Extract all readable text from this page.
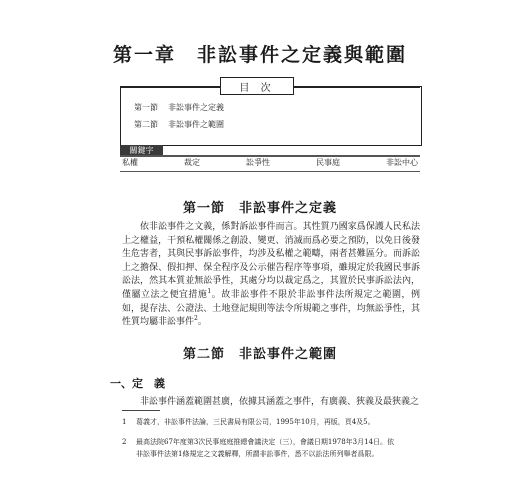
第一章　非訟事件之定義與範圍
目 次
第一節 非訟事件之定義
第二節 非訟事件之範圍
關鍵字
私權	裁定	訟爭性	民事庭	非訟中心
第一節　非訟事件之定義

依非訟事件之文義，係對訴訟事件而言。其性質乃國家爲保護人民私法上之權益，干預私權關係之創設、變更、消滅而爲必要之預防，以免日後發生危害者，其與民事訴訟事件，均涉及私權之範疇，兩者甚難區分。而訴訟上之擔保、假扣押、保全程序及公示催告程序等事項，雖規定於我國民事訴訟法，然其本質並無訟爭性，其處分均以裁定爲之，其置於民事訴訟法內，僅屬立法之便宜措施$^1$。故非訟事件不限於非訟事件法所規定之範圍，例如，提存法、公證法、土地登記規則等法令所規範之事件，均無訟爭性，其性質均屬非訟事件$^2$。

第二節　非訟事件之範圍
一、定　義

非訟事件涵蓋範圍甚廣，依據其涵蓋之事件，有廣義、狹義及最狹義之

1 葛義才，非訟事件法論，三民書局有限公司，1995年10月，再版，頁4及5。
2 最高法院67年度第3次民事庭庭推總會議決定（三），會議日期1978年3月14日。依
非訟事件法第1條規定之文義解釋，所謂非訟事件，悉不以訟法所列舉者爲限。
